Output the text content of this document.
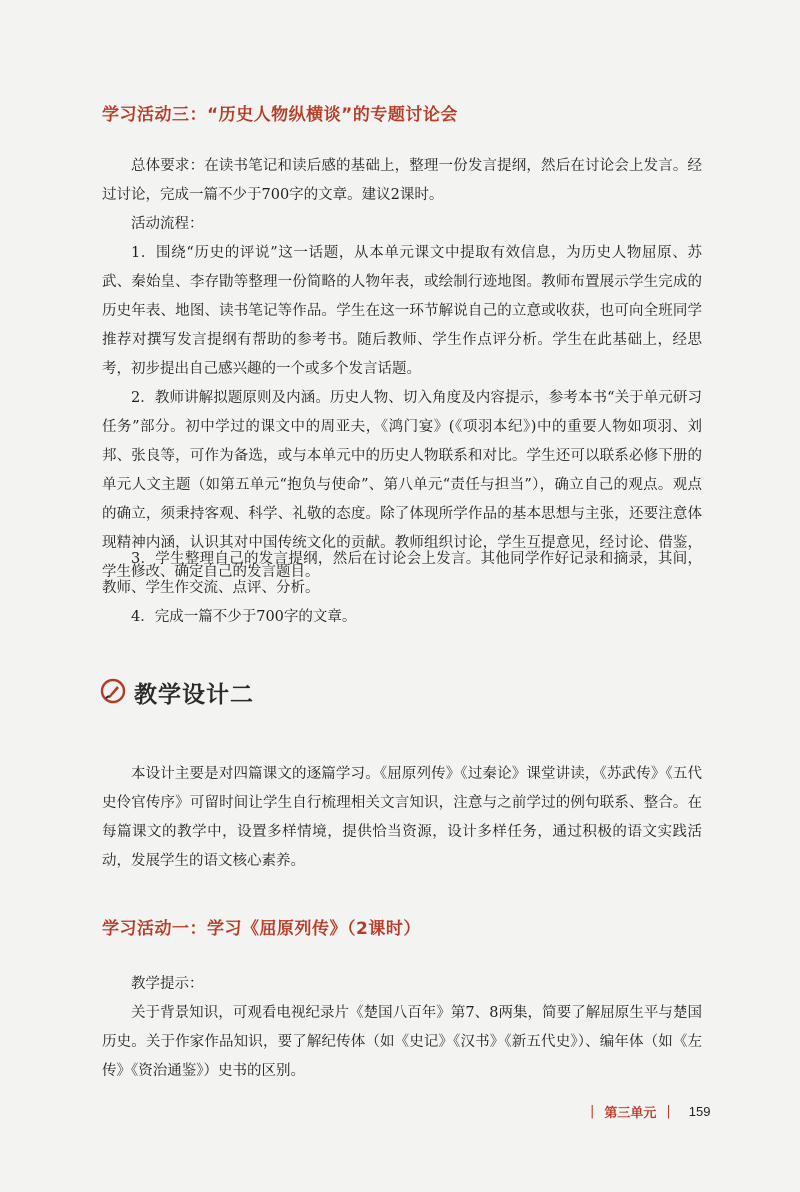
学习活动三：“历史人物纵横谈”的专题讨论会

总体要求：在读书笔记和读后感的基础上，整理一份发言提纲，然后在讨论会上发言。经过讨论，完成一篇不少于700字的文章。建议2课时。

活动流程：

1．围绕“历史的评说”这一话题，从本单元课文中提取有效信息，为历史人物屈原、苏武、秦始皇、李存勖等整理一份简略的人物年表，或绘制行迹地图。教师布置展示学生完成的历史年表、地图、读书笔记等作品。学生在这一环节解说自己的立意或收获，也可向全班同学推荐对撰写发言提纲有帮助的参考书。随后教师、学生作点评分析。学生在此基础上，经思考，初步提出自己感兴趣的一个或多个发言话题。

2．教师讲解拟题原则及内涵。历史人物、切入角度及内容提示，参考本书“关于单元研习任务”部分。初中学过的课文中的周亚夫，《鸿门宴》(《项羽本纪》)中的重要人物如项羽、刘邦、张良等，可作为备选，或与本单元中的历史人物联系和对比。学生还可以联系必修下册的单元人文主题（如第五单元“抱负与使命”、第八单元“责任与担当”），确立自己的观点。观点的确立，须秉持客观、科学、礼敬的态度。除了体现所学作品的基本思想与主张，还要注意体现精神内涵，认识其对中国传统文化的贡献。教师组织讨论，学生互提意见，经讨论、借鉴，学生修改、确定自己的发言题目。

3．学生整理自己的发言提纲，然后在讨论会上发言。其他同学作好记录和摘录，其间，教师、学生作交流、点评、分析。

4．完成一篇不少于700字的文章。

教学设计二

本设计主要是对四篇课文的逐篇学习。《屈原列传》《过秦论》课堂讲读，《苏武传》《五代史伶官传序》可留时间让学生自行梳理相关文言知识，注意与之前学过的例句联系、整合。在每篇课文的教学中，设置多样情境，提供恰当资源，设计多样任务，通过积极的语文实践活动，发展学生的语文核心素养。

学习活动一：学习《屈原列传》（2课时）

教学提示：

关于背景知识，可观看电视纪录片《楚国八百年》第7、8两集，简要了解屈原生平与楚国历史。关于作家作品知识，要了解纪传体（如《史记》《汉书》《新五代史》）、编年体（如《左传》《资治通鉴》）史书的区别。

| 第三单元 | 159
